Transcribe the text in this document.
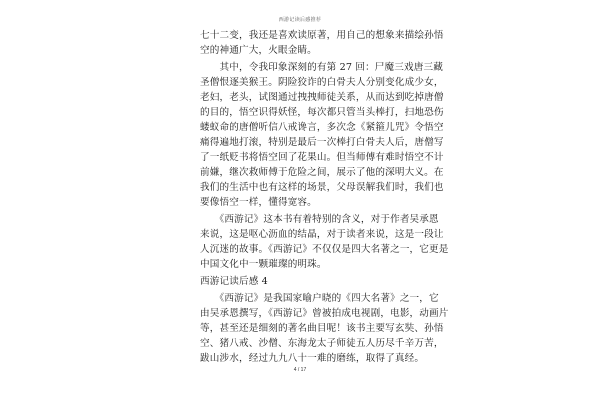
西游记读后感推荐
七十二变，我还是喜欢读原著，用自己的想象来描绘孙悟
空的神通广大，火眼金睛。
　　其中，令我印象深刻的有第 27 回：尸魔三戏唐三藏
圣僧恨逐美猴王。阴险狡诈的白骨夫人分别变化成少女，
老妇，老头，试图通过拽拽师徒关系，从而达到吃掉唐僧
的目的，悟空识得妖怪，每次都只管当头棒打，扫地恐伤
蝼蚁命的唐僧听信八戒谗言，多次念《紧箍儿咒》令悟空
痛得遍地打滚，特别是最后一次棒打白骨夫人后，唐僧写
了一纸贬书将悟空回了花果山。但当师傅有难时悟空不计
前嫌，继次救师傅于危险之间，展示了他的深明大义。在
我们的生活中也有这样的场景，父母误解我们时，我们也
要像悟空一样，懂得宽容。
　　《西游记》这本书有着特别的含义，对于作者吴承恩
来说，这是呕心沥血的结晶，对于读者来说，这是一段让
人沉迷的故事。《西游记》不仅仅是四大名著之一，它更是
中国文化中一颗璀璨的明珠。
西游记读后感 4
　　《西游记》是我国家喻户晓的《四大名著》之一，它
由吴承恩撰写，《西游记》曾被拍成电视剧，电影，动画片
等，甚至还是细刻的著名曲目呢！该书主要写玄奘、孙悟
空、猪八戒、沙僧、东海龙太子师徒五人历尽千辛万苦，
跋山涉水，经过九九八十一难的磨练，取得了真经。
4 / 17
